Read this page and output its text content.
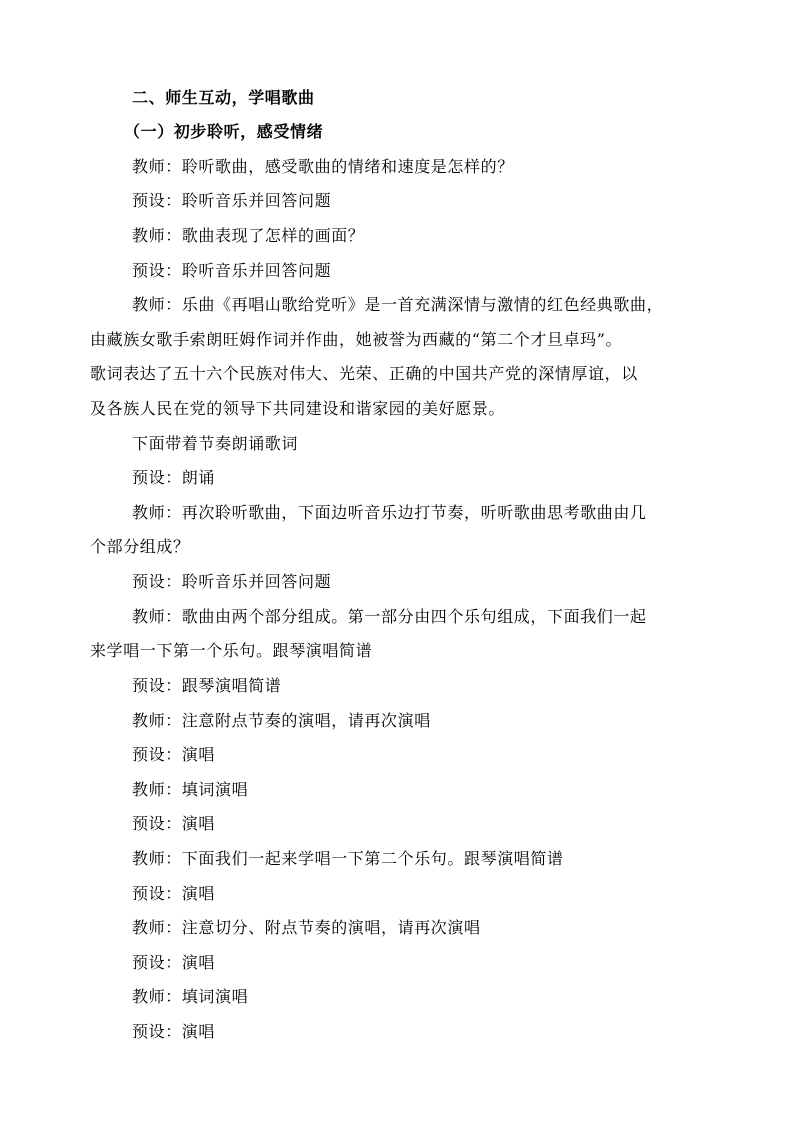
二、师生互动，学唱歌曲
（一）初步聆听，感受情绪
教师：聆听歌曲，感受歌曲的情绪和速度是怎样的？
预设：聆听音乐并回答问题
教师：歌曲表现了怎样的画面？
预设：聆听音乐并回答问题
教师：乐曲《再唱山歌给党听》是一首充满深情与激情的红色经典歌曲，
由藏族女歌手索朗旺姆作词并作曲，她被誉为西藏的“第二个才旦卓玛”。
歌词表达了五十六个民族对伟大、光荣、正确的中国共产党的深情厚谊，以
及各族人民在党的领导下共同建设和谐家园的美好愿景。
下面带着节奏朗诵歌词
预设：朗诵
教师：再次聆听歌曲，下面边听音乐边打节奏，听听歌曲思考歌曲由几
个部分组成？
预设：聆听音乐并回答问题
教师：歌曲由两个部分组成。第一部分由四个乐句组成，下面我们一起
来学唱一下第一个乐句。跟琴演唱简谱
预设：跟琴演唱简谱
教师：注意附点节奏的演唱，请再次演唱
预设：演唱
教师：填词演唱
预设：演唱
教师：下面我们一起来学唱一下第二个乐句。跟琴演唱简谱
预设：演唱
教师：注意切分、附点节奏的演唱，请再次演唱
预设：演唱
教师：填词演唱
预设：演唱
